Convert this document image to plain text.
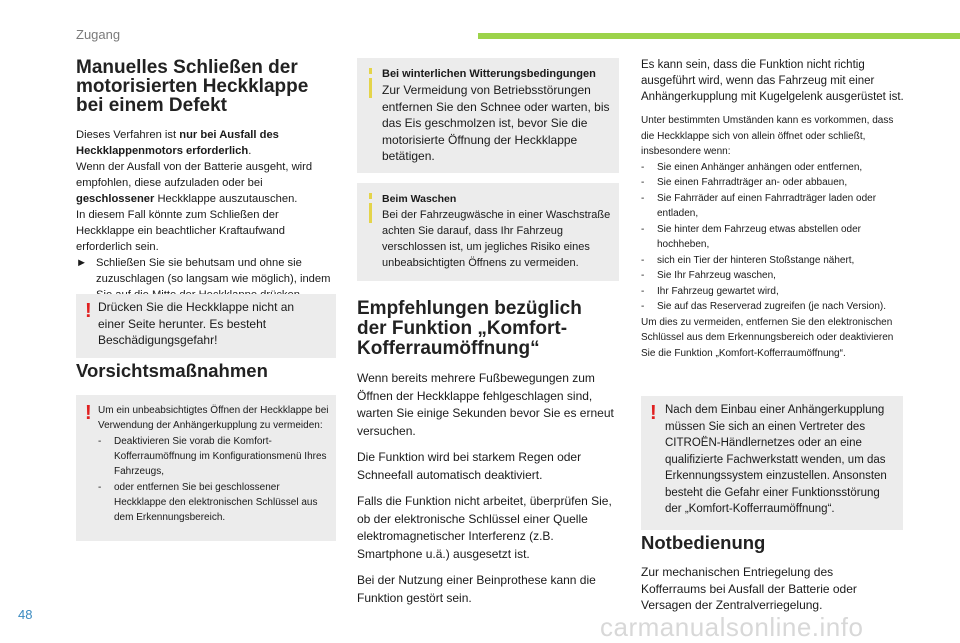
Zugang
Manuelles Schließen der motorisierten Heckklappe bei einem Defekt

Dieses Verfahren ist nur bei Ausfall des Heckklappenmotors erforderlich.

Wenn der Ausfall von der Batterie ausgeht, wird empfohlen, diese aufzuladen oder bei geschlossener Heckklappe auszutauschen.

In diesem Fall könnte zum Schließen der Heckklappe ein beachtlicher Kraftaufwand erforderlich sein.

► Schließen Sie sie behutsam und ohne sie zuzuschlagen (so langsam wie möglich), indem
! Drücken Sie die Heckklappe nicht an einer Seite herunter. Es besteht Beschädigungsgefahr!

Vorsichtsmaßnahmen
! Um ein unbeabsichtigtes Öffnen der Heckklappe bei Verwendung der Anhängerkupplung zu vermeiden:
- Deaktivieren Sie vorab die Komfort-Kofferraumöffnung im Konfigurationsmenü Ihres Fahrzeugs,
- oder entfernen Sie bei geschlossener Heckklappe den elektronischen Schlüssel aus dem Erkennungsbereich.
Bei winterlichen Witterungsbedingungen
Zur Vermeidung von Betriebsstörungen entfernen Sie den Schnee oder warten, bis das Eis geschmolzen ist, bevor Sie die motorisierte Öffnung der Heckklappe betätigen.
Beim Waschen
Bei der Fahrzeugwäsche in einer Waschstraße achten Sie darauf, dass Ihr Fahrzeug verschlossen ist, um jegliches Risiko eines unbeabsichtigten Öffnens zu vermeiden.
Empfehlungen bezüglich der Funktion „Komfort-Kofferraumöffnung“

Wenn bereits mehrere Fußbewegungen zum Öffnen der Heckklappe fehlgeschlagen sind, warten Sie einige Sekunden bevor Sie es erneut versuchen.

Die Funktion wird bei starkem Regen oder Schneefall automatisch deaktiviert.

Falls die Funktion nicht arbeitet, überprüfen Sie, ob der elektronische Schlüssel einer Quelle elektromagnetischer Interferenz (z.B. Smartphone u.ä.) ausgesetzt ist.

Bei der Nutzung einer Beinprothese kann die Funktion gestört sein.

Es kann sein, dass die Funktion nicht richtig ausgeführt wird, wenn das Fahrzeug mit einer Anhängerkupplung mit Kugelgelenk ausgerüstet ist.

Unter bestimmten Umständen kann es vorkommen, dass die Heckklappe sich von allein öffnet oder schließt, insbesondere wenn:
- Sie einen Anhänger anhängen oder entfernen,
- Sie einen Fahrradträger an- oder abbauen,
- Sie Fahrräder auf einen Fahrradträger laden oder entladen,
- Sie hinter dem Fahrzeug etwas abstellen oder hochheben,
- sich ein Tier der hinteren Stoßstange nähert,
- Sie Ihr Fahrzeug waschen,
- Ihr Fahrzeug gewartet wird,
- Sie auf das Reserverad zugreifen (je nach Version).
Um dies zu vermeiden, entfernen Sie den elektronischen Schlüssel aus dem Erkennungsbereich oder deaktivieren Sie die Funktion „Komfort-Kofferraumöffnung“.
! Nach dem Einbau einer Anhängerkupplung müssen Sie sich an einen Vertreter des CITROËN-Händlernetzes oder an eine qualifizierte Fachwerkstatt wenden, um das Erkennungssystem einzustellen. Ansonsten besteht die Gefahr einer Funktionsstörung der „Komfort-Kofferraumöffnung“.

Notbedienung

Zur mechanischen Entriegelung des Kofferraums bei Ausfall der Batterie oder Versagen der Zentralverriegelung.

48	carmanualsonline.info
